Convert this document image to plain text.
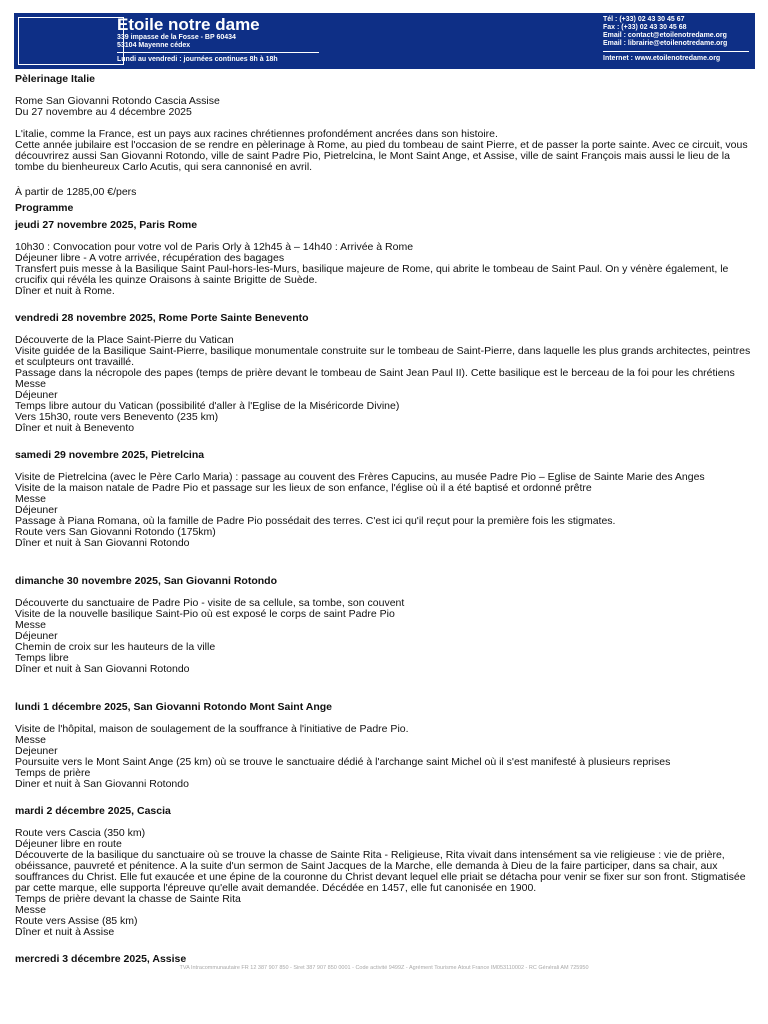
Etoile notre dame
339 impasse de la Fosse - BP 60434
53104 Mayenne cédex
Lundi au vendredi : journées continues 8h à 18h
Tél : (+33) 02 43 30 45 67
Fax : (+33) 02 43 30 45 68
Email : contact@etoilenotredame.org
Email : librairie@etoilenotredame.org
Internet : www.etoilenotredame.org

Pèlerinage Italie

Rome San Giovanni Rotondo Cascia Assise

Du 27 novembre au 4 décembre 2025

L'italie, comme la France, est un pays aux racines chrétiennes profondément ancrées dans son histoire.

Cette année jubilaire est l'occasion de se rendre en pèlerinage à Rome, au pied du tombeau de saint Pierre, et de passer la porte sainte. Avec ce circuit, vous découvrirez aussi San Giovanni Rotondo, ville de saint Padre Pio, Pietrelcina, le Mont Saint Ange, et Assise, ville de saint François mais aussi le lieu de la tombe du bienheureux Carlo Acutis, qui sera cannonisé en avril.

À partir de 1285,00 €/pers

Programme

jeudi 27 novembre 2025, Paris Rome

10h30 : Convocation pour votre vol de Paris Orly à 12h45 à – 14h40 : Arrivée à Rome

Déjeuner libre - A votre arrivée, récupération des bagages

Transfert puis messe à la Basilique Saint Paul-hors-les-Murs, basilique majeure de Rome, qui abrite le tombeau de Saint Paul. On y vénère également, le crucifix qui révéla les quinze Oraisons à sainte Brigitte de Suède.

Dîner et nuit à Rome.

vendredi 28 novembre 2025, Rome Porte Sainte Benevento

Découverte de la Place Saint-Pierre du Vatican

Visite guidée de la Basilique Saint-Pierre, basilique monumentale construite sur le tombeau de Saint-Pierre, dans laquelle les plus grands architectes, peintres et sculpteurs ont travaillé.

Passage dans la nécropole des papes (temps de prière devant le tombeau de Saint Jean Paul II). Cette basilique est le berceau de la foi pour les chrétiens

Messe

Déjeuner

Temps libre autour du Vatican (possibilité d'aller à l'Eglise de la Miséricorde Divine)

Vers 15h30, route vers Benevento (235 km)

Dîner et nuit à Benevento

samedi 29 novembre 2025, Pietrelcina

Visite de Pietrelcina (avec le Père Carlo Maria) : passage au couvent des Frères Capucins, au musée Padre Pio – Eglise de Sainte Marie des Anges

Visite de la maison natale de Padre Pio et passage sur les lieux de son enfance, l'église où il a été baptisé et ordonné prêtre

Messe

Déjeuner

Passage à Piana Romana, où la famille de Padre Pio possédait des terres. C'est ici qu'il reçut pour la première fois les stigmates.

Route vers San Giovanni Rotondo (175km)

Dîner et nuit à San Giovanni Rotondo

dimanche 30 novembre 2025, San Giovanni Rotondo

Découverte du sanctuaire de Padre Pio - visite de sa cellule, sa tombe, son couvent

Visite de la nouvelle basilique Saint-Pio où est exposé le corps de saint Padre Pio

Messe

Déjeuner

Chemin de croix sur les hauteurs de la ville

Temps libre

Dîner et nuit à San Giovanni Rotondo

lundi 1 décembre 2025, San Giovanni Rotondo Mont Saint Ange

Visite de l'hôpital, maison de soulagement de la souffrance à l'initiative de Padre Pio.

Messe

Dejeuner

Poursuite vers le Mont Saint Ange (25 km) où se trouve le sanctuaire dédié à l'archange saint Michel où il s'est manifesté à plusieurs reprises

Temps de prière

Diner et nuit à San Giovanni Rotondo

mardi 2 décembre 2025, Cascia

Route vers Cascia (350 km)

Déjeuner libre en route

Découverte de la basilique du sanctuaire où se trouve la chasse de Sainte Rita - Religieuse, Rita vivait dans intensément sa vie religieuse : vie de prière, obéissance, pauvreté et pénitence. A la suite d'un sermon de Saint Jacques de la Marche, elle demanda à Dieu de la faire participer, dans sa chair, aux souffrances du Christ. Elle fut exaucée et une épine de la couronne du Christ devant lequel elle priait se détacha pour venir se fixer sur son front. Stigmatisée par cette marque, elle supporta l'épreuve qu'elle avait demandée. Décédée en 1457, elle fut canonisée en 1900.

Temps de prière devant la chasse de Sainte Rita

Messe

Route vers Assise (85 km)

Dîner et nuit à Assise

mercredi 3 décembre 2025, Assise

TVA Intracommunautaire FR 12 387 907 850 - Siret 387 907 850 0001 - Code activité 9499Z - Agrément Tourisme Atout France IM053110002 - RC Générali AM 725950
